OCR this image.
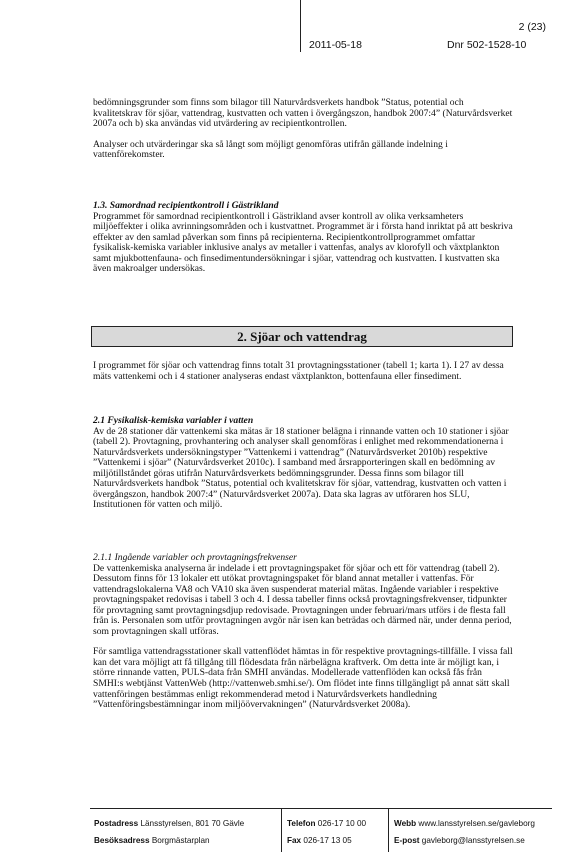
2 (23)
2011-05-18	Dnr 502-1528-10

bedömningsgrunder som finns som bilagor till Naturvårdsverkets handbok ”Status, potential och kvalitetskrav för sjöar, vattendrag, kustvatten och vatten i övergångszon, handbok 2007:4” (Naturvårdsverket 2007a och b) ska användas vid utvärdering av recipientkontrollen.

Analyser och utvärderingar ska så långt som möjligt genomföras utifrån gällande indelning i vattenförekomster.

1.3. Samordnad recipientkontroll i Gästrikland

Programmet för samordnad recipientkontroll i Gästrikland avser kontroll av olika verksamheters miljöeffekter i olika avrinningsområden och i kustvattnet. Programmet är i första hand inriktat på att beskriva effekter av den samlad påverkan som finns på recipienterna. Recipientkontrollprogrammet omfattar fysikalisk-kemiska variabler inklusive analys av metaller i vattenfas, analys av klorofyll och växtplankton samt mjukbottenfauna- och finsedimentundersökningar i sjöar, vattendrag och kustvatten. I kustvatten ska även makroalger undersökas.

2. Sjöar och vattendrag

I programmet för sjöar och vattendrag finns totalt 31 provtagningsstationer (tabell 1; karta 1). I 27 av dessa mäts vattenkemi och i 4 stationer analyseras endast växtplankton, bottenfauna eller finsediment.

2.1 Fysikalisk-kemiska variabler i vatten

Av de 28 stationer där vattenkemi ska mätas är 18 stationer belägna i rinnande vatten och 10 stationer i sjöar (tabell 2). Provtagning, provhantering och analyser skall genomföras i enlighet med rekommendationerna i Naturvårdsverkets undersökningstyper ”Vattenkemi i vattendrag” (Naturvårdsverket 2010b) respektive ”Vattenkemi i sjöar” (Naturvårdsverket 2010c). I samband med årsrapporteringen skall en bedömning av miljötillståndet göras utifrån Naturvårdsverkets bedömningsgrunder. Dessa finns som bilagor till Naturvårdsverkets handbok ”Status, potential och kvalitetskrav för sjöar, vattendrag, kustvatten och vatten i övergångszon, handbok 2007:4” (Naturvårdsverket 2007a). Data ska lagras av utföraren hos SLU, Institutionen för vatten och miljö.

2.1.1 Ingående variabler och provtagningsfrekvenser

De vattenkemiska analyserna är indelade i ett provtagningspaket för sjöar och ett för vattendrag (tabell 2). Dessutom finns för 13 lokaler ett utökat provtagningspaket för bland annat metaller i vattenfas. För vattendragslokalerna VA8 och VA10 ska även suspenderat material mätas. Ingående variabler i respektive provtagningspaket redovisas i tabell 3 och 4. I dessa tabeller finns också provtagningsfrekvenser, tidpunkter för provtagning samt provtagningsdjup redovisade. Provtagningen under februari/mars utförs i de flesta fall från is. Personalen som utför provtagningen avgör när isen kan beträdas och därmed när, under denna period, som provtagningen skall utföras.

För samtliga vattendragsstationer skall vattenflödet hämtas in för respektive provtagnings-tillfälle. I vissa fall kan det vara möjligt att få tillgång till flödesdata från närbelägna kraftverk. Om detta inte är möjligt kan, i större rinnande vatten, PULS-data från SMHI användas. Modellerade vattenflöden kan också fås från SMHI:s webtjänst VattenWeb (http://vattenweb.smhi.se/). Om flödet inte finns tillgängligt på annat sätt skall vattenföringen bestämmas enligt rekommenderad metod i Naturvårdsverkets handledning ”Vattenföringsbestämningar inom miljöövervakningen” (Naturvårdsverket 2008a).

Postadress Länsstyrelsen, 801 70 Gävle
Besöksadress Borgmästarplan
Telefon 026-17 10 00
Fax 026-17 13 05
Webb www.lansstyrelsen.se/gavleborg
E-post gavleborg@lansstyrelsen.se
